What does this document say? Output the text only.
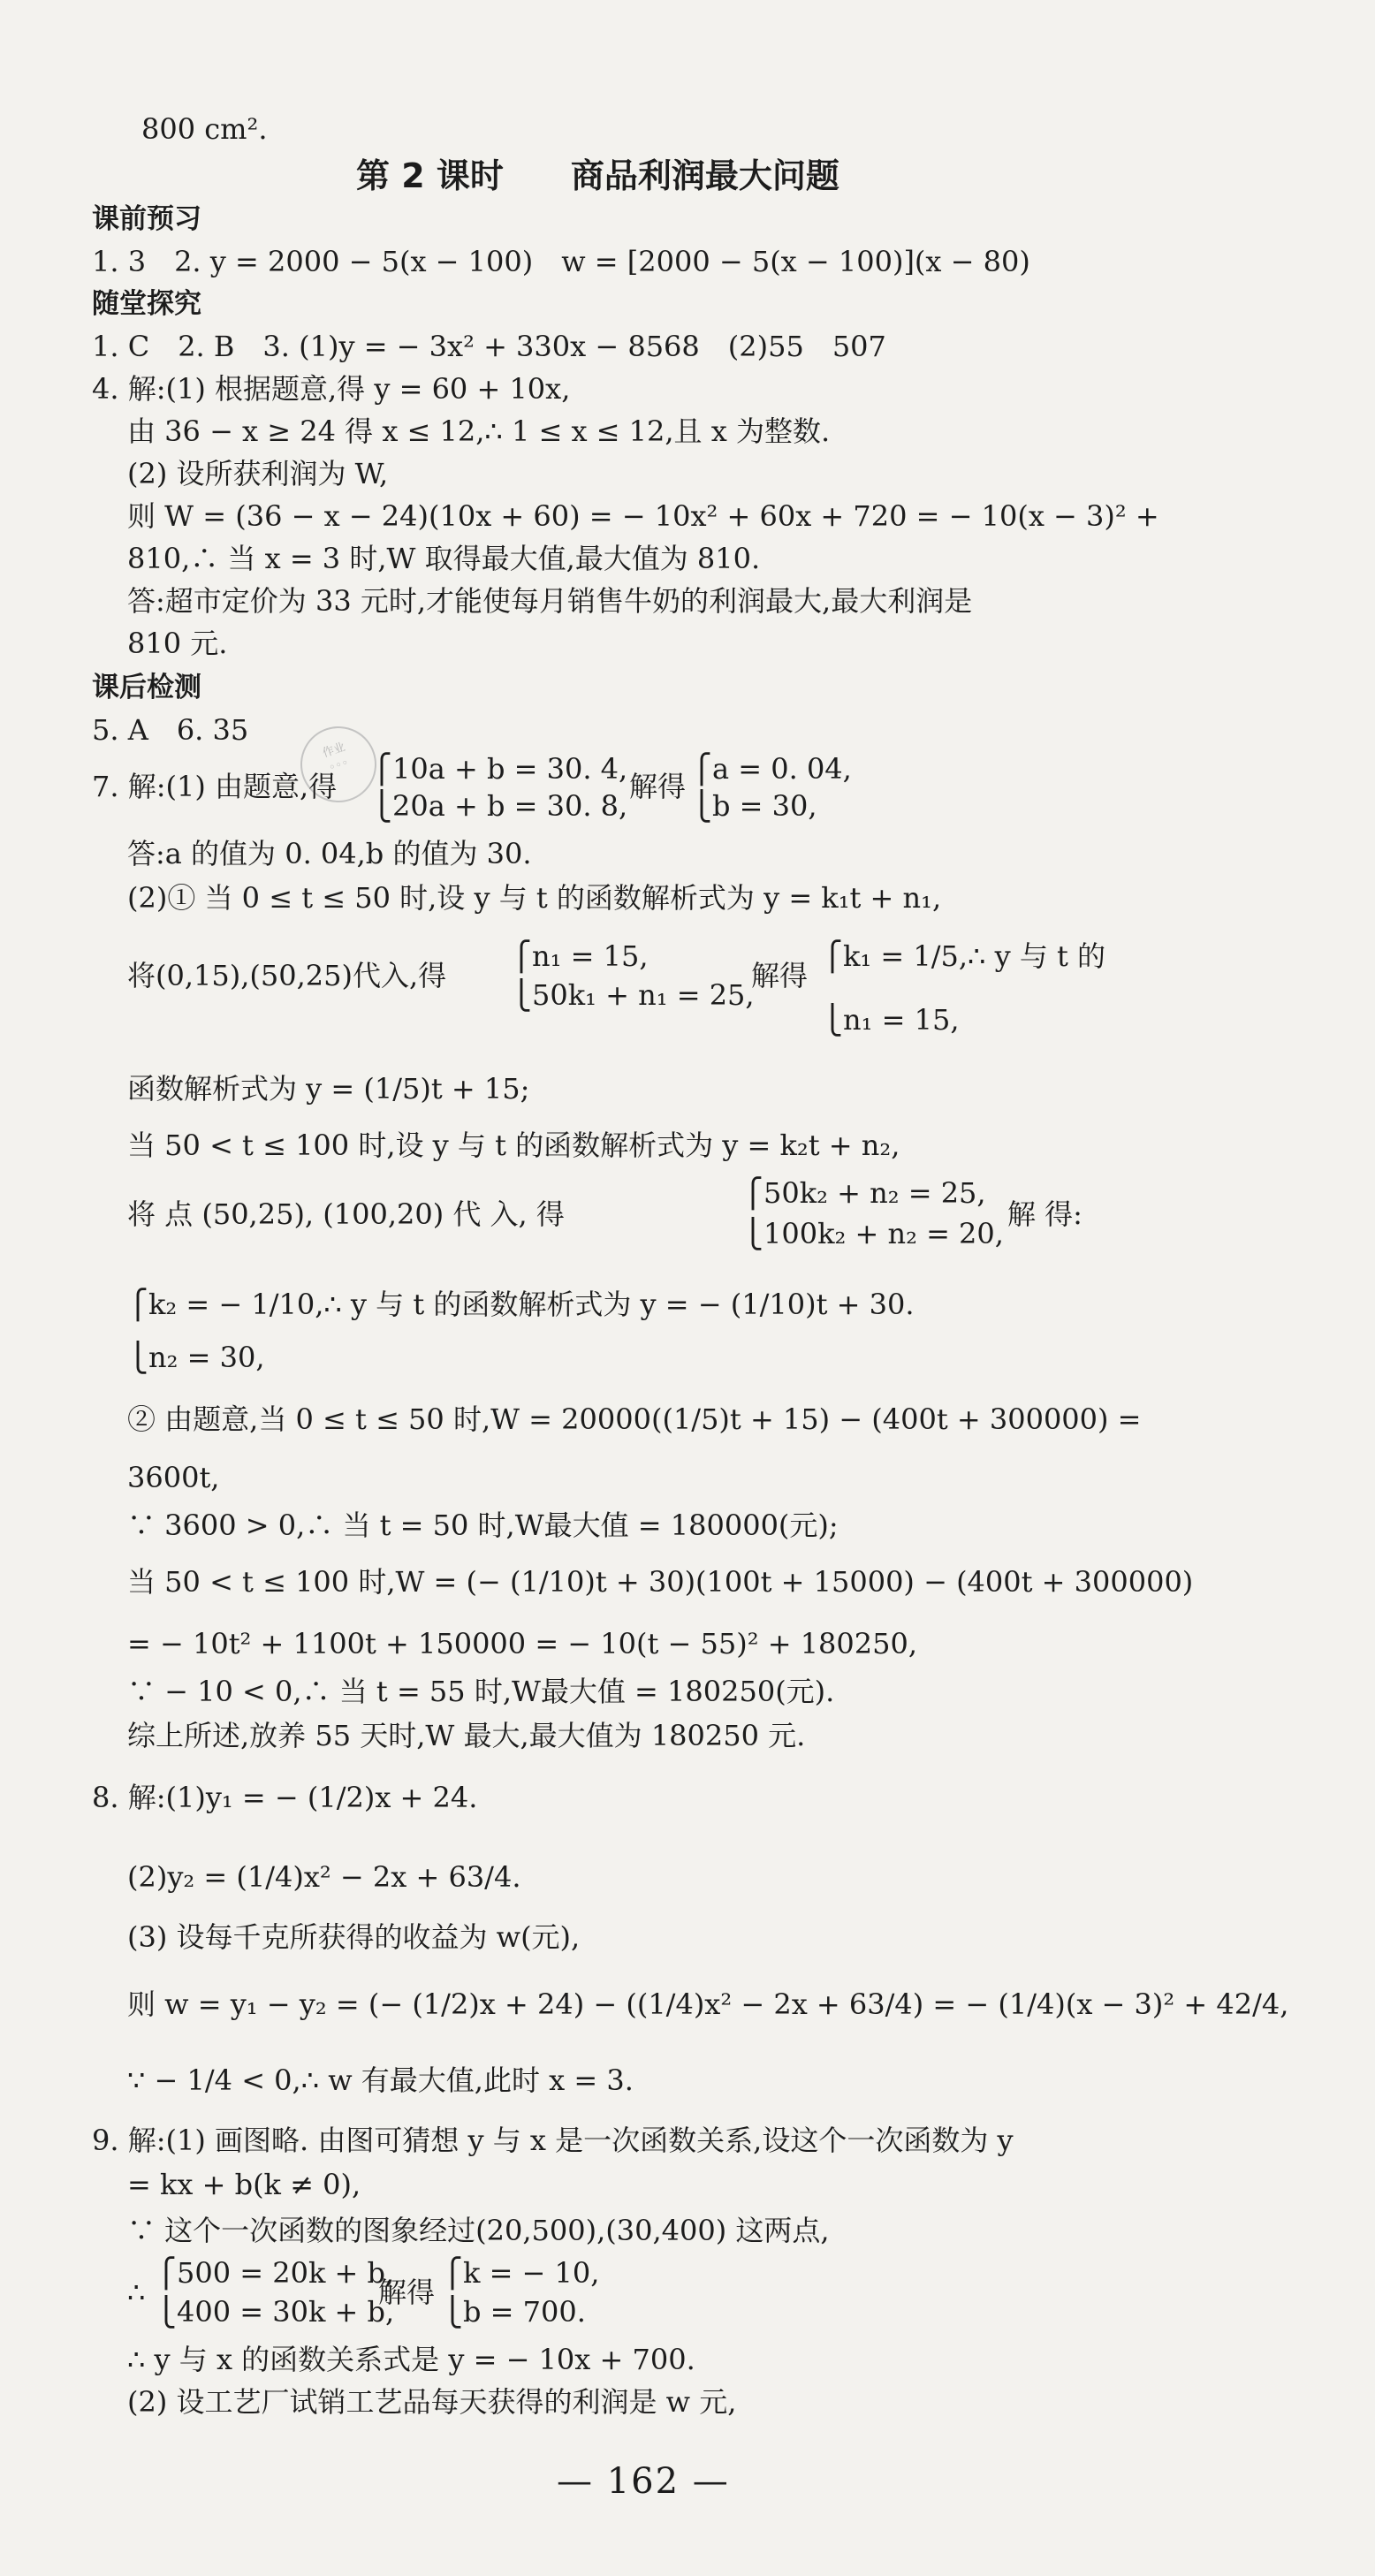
作业
◦◦◦
800 cm².
第 2 课时　　商品利润最大问题
课前预习
1. 3　2. y = 2000 − 5(x − 100)　w = [2000 − 5(x − 100)](x − 80)
随堂探究
1. C　2. B　3. (1)y = − 3x² + 330x − 8568　(2)55　507
4. 解:(1) 根据题意,得 y = 60 + 10x,
由 36 − x ≥ 24 得 x ≤ 12,∴ 1 ≤ x ≤ 12,且 x 为整数.
(2) 设所获利润为 W,
则 W = (36 − x − 24)(10x + 60) = − 10x² + 60x + 720 = − 10(x − 3)² +
810,∴ 当 x = 3 时,W 取得最大值,最大值为 810.
答:超市定价为 33 元时,才能使每月销售牛奶的利润最大,最大利润是
810 元.
课后检测
5. A　6. 35
7. 解:(1) 由题意,得
⎧10a + b = 30. 4,
⎩20a + b = 30. 8,
解得
⎧a = 0. 04,
⎩b = 30,
答:a 的值为 0. 04,b 的值为 30.
(2)① 当 0 ≤ t ≤ 50 时,设 y 与 t 的函数解析式为 y = k₁t + n₁,
将(0,15),(50,25)代入,得
⎧n₁ = 15,
⎩50k₁ + n₁ = 25,
解得
⎧k₁ = 1/5,∴ y 与 t 的
⎩n₁ = 15,
函数解析式为 y = (1/5)t + 15;
当 50 < t ≤ 100 时,设 y 与 t 的函数解析式为 y = k₂t + n₂,
将 点 (50,25), (100,20) 代 入, 得
⎧50k₂ + n₂ = 25,
⎩100k₂ + n₂ = 20,
解 得:
⎧k₂ = − 1/10,∴ y 与 t 的函数解析式为 y = − (1/10)t + 30.
⎩n₂ = 30,
② 由题意,当 0 ≤ t ≤ 50 时,W = 20000((1/5)t + 15) − (400t + 300000) =
3600t,
∵ 3600 > 0,∴ 当 t = 50 时,W最大值 = 180000(元);
当 50 < t ≤ 100 时,W = (− (1/10)t + 30)(100t + 15000) − (400t + 300000)
= − 10t² + 1100t + 150000 = − 10(t − 55)² + 180250,
∵ − 10 < 0,∴ 当 t = 55 时,W最大值 = 180250(元).
综上所述,放养 55 天时,W 最大,最大值为 180250 元.
8. 解:(1)y₁ = − (1/2)x + 24.
(2)y₂ = (1/4)x² − 2x + 63/4.
(3) 设每千克所获得的收益为 w(元),
则 w = y₁ − y₂ = (− (1/2)x + 24) − ((1/4)x² − 2x + 63/4) = − (1/4)(x − 3)² + 42/4,
∵ − 1/4 < 0,∴ w 有最大值,此时 x = 3.
9. 解:(1) 画图略. 由图可猜想 y 与 x 是一次函数关系,设这个一次函数为 y
= kx + b(k ≠ 0),
∵ 这个一次函数的图象经过(20,500),(30,400) 这两点,
∴
⎧500 = 20k + b,
⎩400 = 30k + b,
解得
⎧k = − 10,
⎩b = 700.
∴ y 与 x 的函数关系式是 y = − 10x + 700.
(2) 设工艺厂试销工艺品每天获得的利润是 w 元,
— 162 —
